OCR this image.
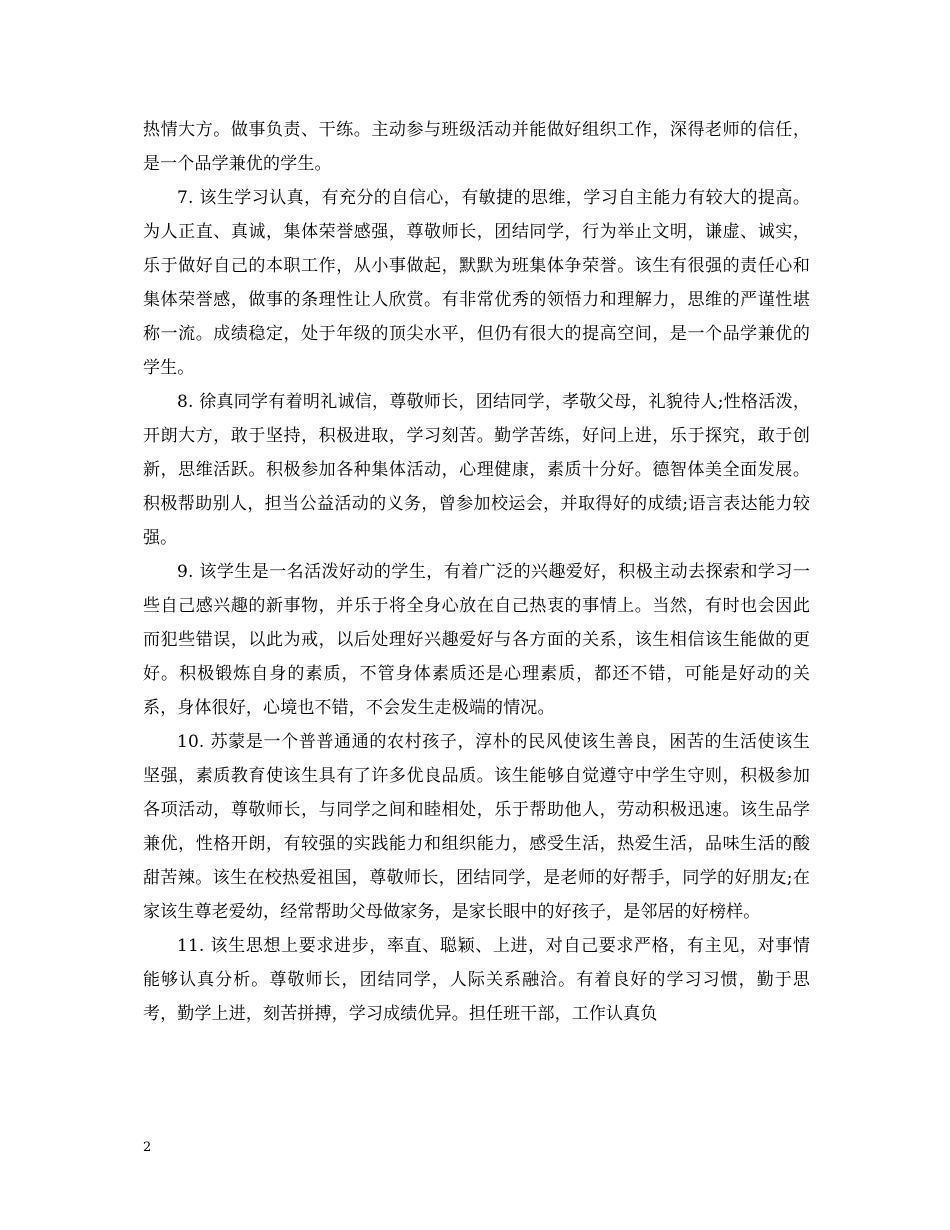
热情大方。做事负责、干练。主动参与班级活动并能做好组织工作，深得老师的信任，是一个品学兼优的学生。

7. 该生学习认真，有充分的自信心，有敏捷的思维，学习自主能力有较大的提高。为人正直、真诚，集体荣誉感强，尊敬师长，团结同学，行为举止文明，谦虚、诚实，乐于做好自己的本职工作，从小事做起，默默为班集体争荣誉。该生有很强的责任心和集体荣誉感，做事的条理性让人欣赏。有非常优秀的领悟力和理解力，思维的严谨性堪称一流。成绩稳定，处于年级的顶尖水平，但仍有很大的提高空间，是一个品学兼优的学生。

8. 徐真同学有着明礼诚信，尊敬师长，团结同学，孝敬父母，礼貌待人;性格活泼，开朗大方，敢于坚持，积极进取，学习刻苦。勤学苦练，好问上进，乐于探究，敢于创新，思维活跃。积极参加各种集体活动，心理健康，素质十分好。德智体美全面发展。积极帮助别人，担当公益活动的义务，曾参加校运会，并取得好的成绩;语言表达能力较强。

9. 该学生是一名活泼好动的学生，有着广泛的兴趣爱好，积极主动去探索和学习一些自己感兴趣的新事物，并乐于将全身心放在自己热衷的事情上。当然，有时也会因此而犯些错误，以此为戒，以后处理好兴趣爱好与各方面的关系，该生相信该生能做的更好。积极锻炼自身的素质，不管身体素质还是心理素质，都还不错，可能是好动的关系，身体很好，心境也不错，不会发生走极端的情况。

10. 苏蒙是一个普普通通的农村孩子，淳朴的民风使该生善良，困苦的生活使该生坚强，素质教育使该生具有了许多优良品质。该生能够自觉遵守中学生守则，积极参加各项活动，尊敬师长，与同学之间和睦相处，乐于帮助他人，劳动积极迅速。该生品学兼优，性格开朗，有较强的实践能力和组织能力，感受生活，热爱生活，品味生活的酸甜苦辣。该生在校热爱祖国，尊敬师长，团结同学，是老师的好帮手，同学的好朋友;在家该生尊老爱幼，经常帮助父母做家务，是家长眼中的好孩子，是邻居的好榜样。

11. 该生思想上要求进步，率直、聪颖、上进，对自己要求严格，有主见，对事情能够认真分析。尊敬师长，团结同学，人际关系融洽。有着良好的学习习惯，勤于思考，勤学上进，刻苦拼搏，学习成绩优异。担任班干部，工作认真负

2
